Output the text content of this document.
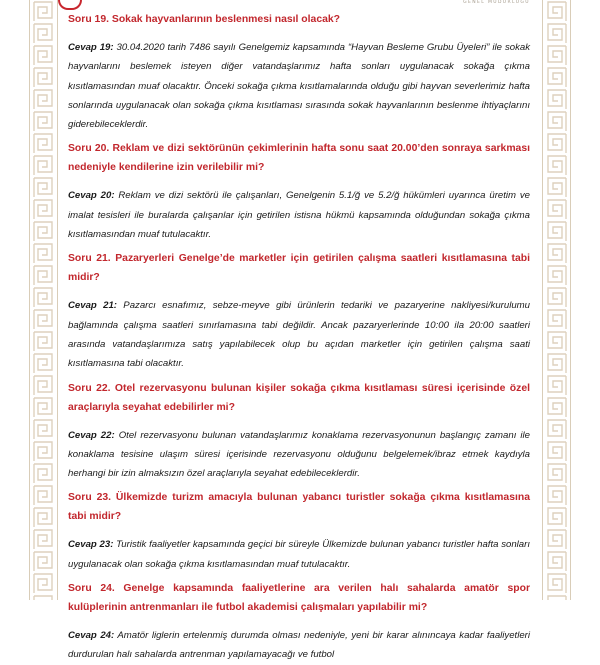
GENEL MÜDÜRLÜĞÜ

Soru 19. Sokak hayvanlarının beslenmesi nasıl olacak?

Cevap 19: 30.04.2020 tarih 7486 sayılı Genelgemiz kapsamında “Hayvan Besleme Grubu Üyeleri” ile sokak hayvanlarını beslemek isteyen diğer vatandaşlarımız hafta sonları uygulanacak sokağa çıkma kısıtlamasından muaf olacaktır. Önceki sokağa çıkma kısıtlamalarında olduğu gibi hayvan severlerimiz hafta sonlarında uygulanacak olan sokağa çıkma kısıtlaması sırasında sokak hayvanlarının beslenme ihtiyaçlarını giderebileceklerdir.

Soru 20. Reklam ve dizi sektörünün çekimlerinin hafta sonu saat 20.00’den sonraya sarkması nedeniyle kendilerine izin verilebilir mi?

Cevap 20: Reklam ve dizi sektörü ile çalışanları, Genelgenin 5.1/ğ ve 5.2/ğ hükümleri uyarınca üretim ve imalat tesisleri ile buralarda çalışanlar için getirilen istisna hükmü kapsamında olduğundan sokağa çıkma kısıtlamasından muaf tutulacaktır.

Soru 21. Pazaryerleri Genelge’de marketler için getirilen çalışma saatleri kısıtlamasına tabi midir?

Cevap 21: Pazarcı esnafımız, sebze-meyve gibi ürünlerin tedariki ve pazaryerine nakliyesi/kurulumu bağlamında çalışma saatleri sınırlamasına tabi değildir. Ancak pazaryerlerinde 10:00 ila 20:00 saatleri arasında vatandaşlarımıza satış yapılabilecek olup bu açıdan marketler için getirilen çalışma saati kısıtlamasına tabi olacaktır.

Soru 22. Otel rezervasyonu bulunan kişiler sokağa çıkma kısıtlaması süresi içerisinde özel araçlarıyla seyahat edebilirler mi?

Cevap 22: Otel rezervasyonu bulunan vatandaşlarımız konaklama rezervasyonunun başlangıç zamanı ile konaklama tesisine ulaşım süresi içerisinde rezervasyonu olduğunu belgelemek/ibraz etmek kaydıyla herhangi bir izin almaksızın özel araçlarıyla seyahat edebileceklerdir.

Soru 23. Ülkemizde turizm amacıyla bulunan yabancı turistler sokağa çıkma kısıtlamasına tabi midir?

Cevap 23: Turistik faaliyetler kapsamında geçici bir süreyle Ülkemizde bulunan yabancı turistler hafta sonları uygulanacak olan sokağa çıkma kısıtlamasından muaf tutulacaktır.

Soru 24. Genelge kapsamında faaliyetlerine ara verilen halı sahalarda amatör spor kulüplerinin antrenmanları ile futbol akademisi çalışmaları yapılabilir mi?

Cevap 24: Amatör liglerin ertelenmiş durumda olması nedeniyle, yeni bir karar alınıncaya kadar faaliyetleri durdurulan halı sahalarda antrenman yapılamayacağı ve futbol
